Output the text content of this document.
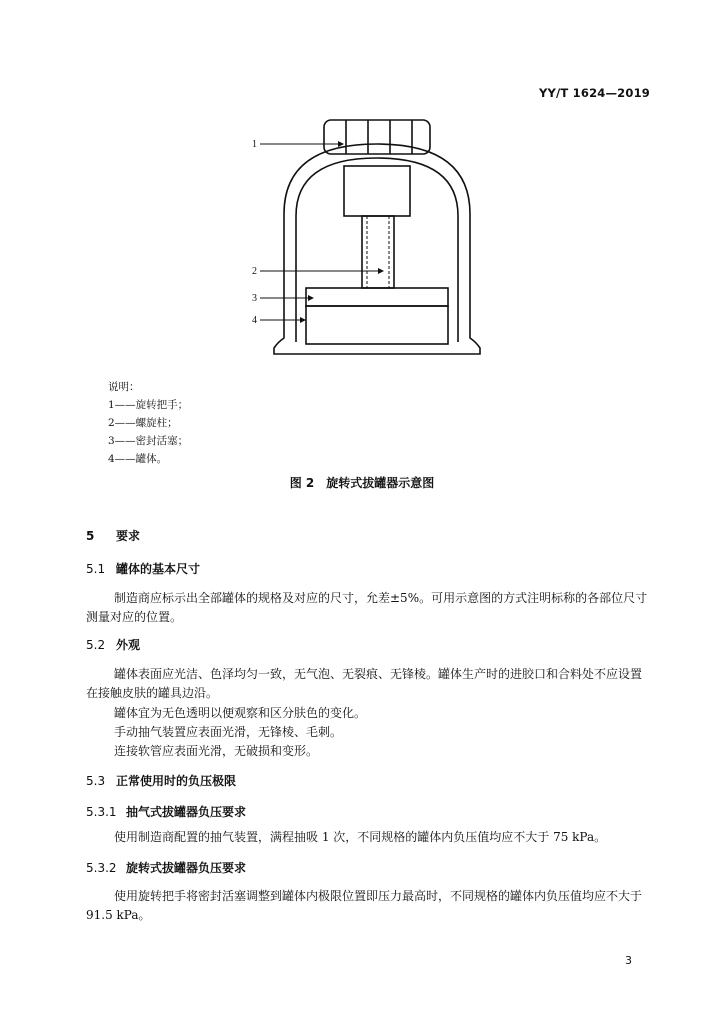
YY/T 1624—2019
1
2
3
4
说明：
1——旋转把手；
2——螺旋柱；
3——密封活塞；
4——罐体。
图 2 旋转式拔罐器示意图
5 要求
5.1 罐体的基本尺寸
制造商应标示出全部罐体的规格及对应的尺寸，允差±5%。可用示意图的方式注明标称的各部位尺寸测量对应的位置。
5.2 外观
罐体表面应光洁、色泽均匀一致，无气泡、无裂痕、无锋棱。罐体生产时的进胶口和合料处不应设置在接触皮肤的罐具边沿。
罐体宜为无色透明以便观察和区分肤色的变化。
手动抽气装置应表面光滑，无锋棱、毛刺。
连接软管应表面光滑，无破损和变形。
5.3 正常使用时的负压极限
5.3.1 抽气式拔罐器负压要求
使用制造商配置的抽气装置，满程抽吸 1 次，不同规格的罐体内负压值均应不大于 75 kPa。
5.3.2 旋转式拔罐器负压要求
使用旋转把手将密封活塞调整到罐体内极限位置即压力最高时，不同规格的罐体内负压值均应不大于 91.5 kPa。
3
